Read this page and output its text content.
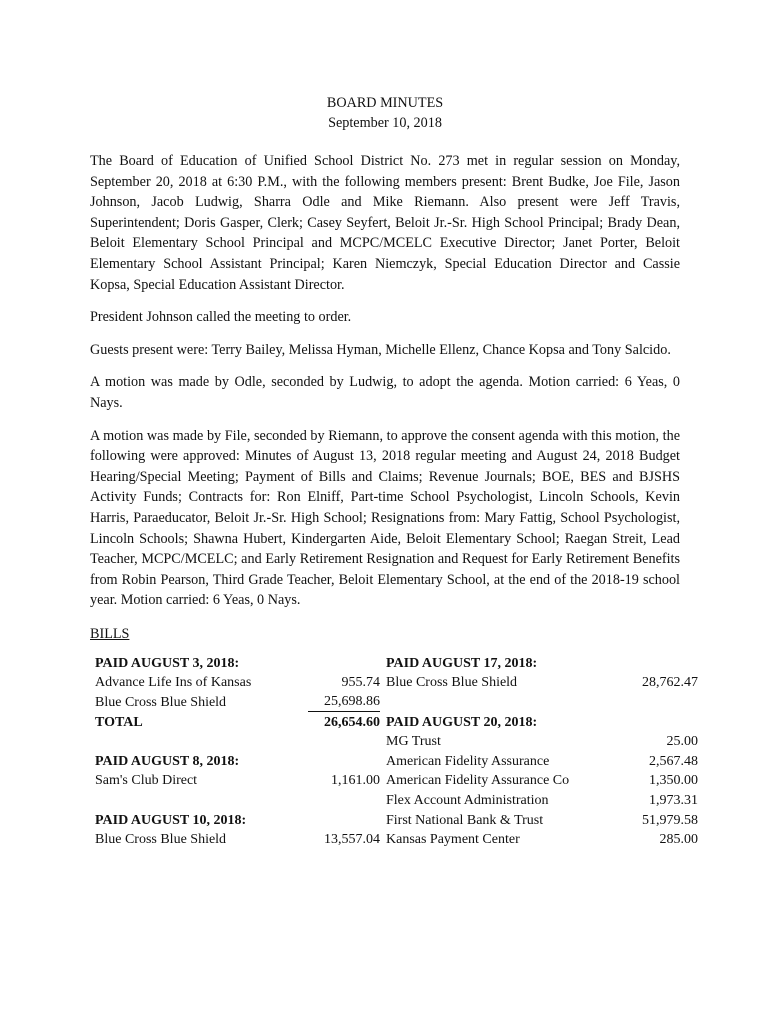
BOARD MINUTES
September 10, 2018

The Board of Education of Unified School District No. 273 met in regular session on Monday, September 20, 2018 at 6:30 P.M., with the following members present: Brent Budke, Joe File, Jason Johnson, Jacob Ludwig, Sharra Odle and Mike Riemann. Also present were Jeff Travis, Superintendent; Doris Gasper, Clerk; Casey Seyfert, Beloit Jr.-Sr. High School Principal; Brady Dean, Beloit Elementary School Principal and MCPC/MCELC Executive Director; Janet Porter, Beloit Elementary School Assistant Principal; Karen Niemczyk, Special Education Director and Cassie Kopsa, Special Education Assistant Director.

President Johnson called the meeting to order.

Guests present were: Terry Bailey, Melissa Hyman, Michelle Ellenz, Chance Kopsa and Tony Salcido.

A motion was made by Odle, seconded by Ludwig, to adopt the agenda. Motion carried: 6 Yeas, 0 Nays.

A motion was made by File, seconded by Riemann, to approve the consent agenda with this motion, the following were approved: Minutes of August 13, 2018 regular meeting and August 24, 2018 Budget Hearing/Special Meeting; Payment of Bills and Claims; Revenue Journals; BOE, BES and BJSHS Activity Funds; Contracts for: Ron Elniff, Part-time School Psychologist, Lincoln Schools, Kevin Harris, Paraeducator, Beloit Jr.-Sr. High School; Resignations from: Mary Fattig, School Psychologist, Lincoln Schools; Shawna Hubert, Kindergarten Aide, Beloit Elementary School; Raegan Streit, Lead Teacher, MCPC/MCELC; and Early Retirement Resignation and Request for Early Retirement Benefits from Robin Pearson, Third Grade Teacher, Beloit Elementary School, at the end of the 2018-19 school year. Motion carried: 6 Yeas, 0 Nays.

BILLS
PAID AUGUST 3, 2018:
Advance Life Ins of Kansas	955.74
Blue Cross Blue Shield	25,698.86
TOTAL	26,654.60
PAID AUGUST 8, 2018:
Sam's Club Direct	1,161.00
PAID AUGUST 10, 2018:
Blue Cross Blue Shield	13,557.04
PAID AUGUST 17, 2018:
Blue Cross Blue Shield	28,762.47
PAID AUGUST 20, 2018:
MG Trust	25.00
American Fidelity Assurance	2,567.48
American Fidelity Assurance Co	1,350.00
Flex Account Administration	1,973.31
First National Bank & Trust	51,979.58
Kansas Payment Center	285.00
